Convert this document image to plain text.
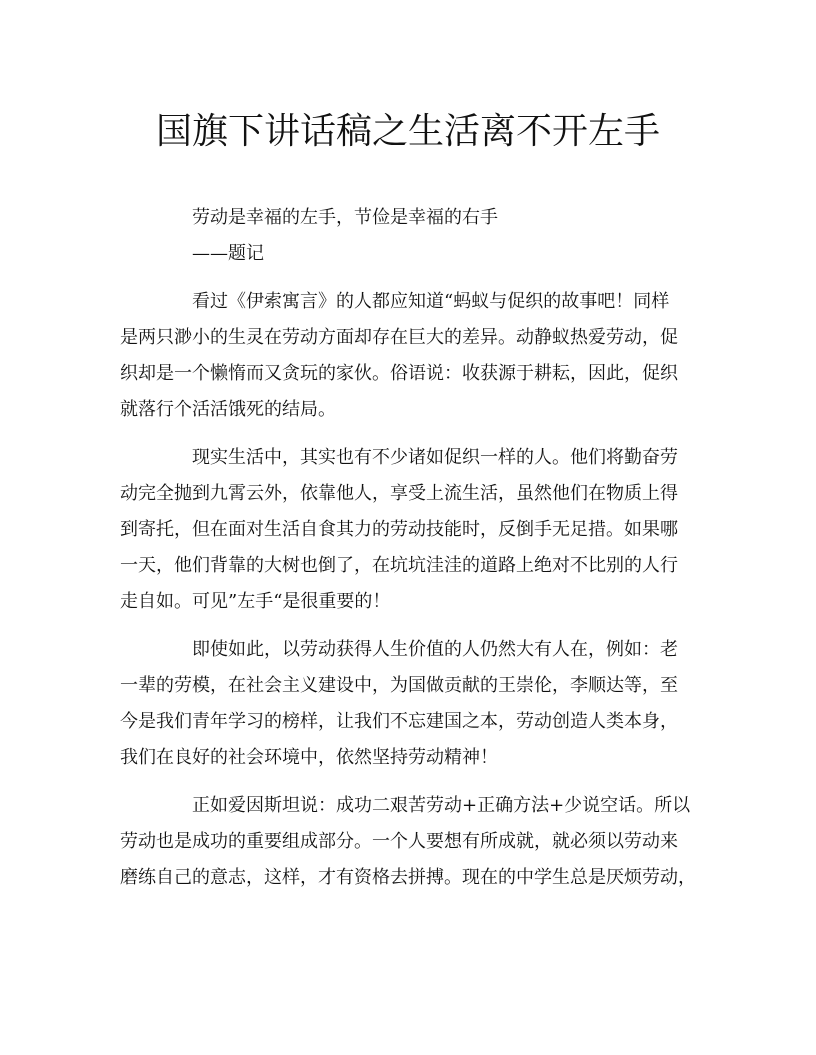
国旗下讲话稿之生活离不开左手
劳动是幸福的左手，节俭是幸福的右手
——题记
看过《伊索寓言》的人都应知道“蚂蚁与促织的故事吧！同样
是两只渺小的生灵在劳动方面却存在巨大的差异。动静蚁热爱劳动，促
织却是一个懒惰而又贪玩的家伙。俗语说：收获源于耕耘，因此，促织
就落行个活活饿死的结局。
现实生活中，其实也有不少诸如促织一样的人。他们将勤奋劳
动完全抛到九霄云外，依靠他人，享受上流生活，虽然他们在物质上得
到寄托，但在面对生活自食其力的劳动技能时，反倒手无足措。如果哪
一天，他们背靠的大树也倒了，在坑坑洼洼的道路上绝对不比别的人行
走自如。可见”左手“是很重要的！
即使如此，以劳动获得人生价值的人仍然大有人在，例如：老
一辈的劳模，在社会主义建设中，为国做贡献的王崇伦，李顺达等，至
今是我们青年学习的榜样，让我们不忘建国之本，劳动创造人类本身，
我们在良好的社会环境中，依然坚持劳动精神！
正如爱因斯坦说：成功二艰苦劳动+正确方法+少说空话。所以
劳动也是成功的重要组成部分。一个人要想有所成就，就必须以劳动来
磨练自己的意志，这样，才有资格去拼搏。现在的中学生总是厌烦劳动，
